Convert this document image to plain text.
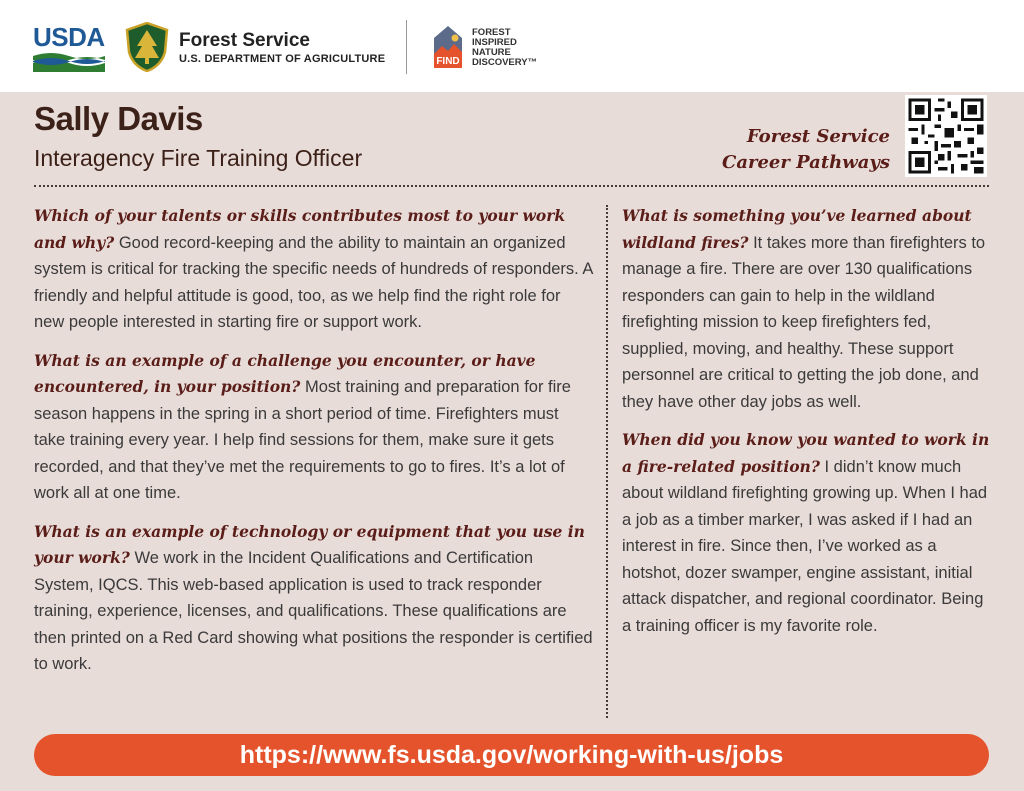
USDA	Forest Service
U.S. DEPARTMENT OF AGRICULTURE	FIND
FOREST
INSPIRED
NATURE
DISCOVERY™
Sally Davis
Interagency Fire Training Officer
Forest Service
Career Pathways

Which of your talents or skills contributes most to your work and why? Good record-keeping and the ability to maintain an organized system is critical for tracking the specific needs of hundreds of responders. A friendly and helpful attitude is good, too, as we help find the right role for new people interested in starting fire or support work.

What is an example of a challenge you encounter, or have encountered, in your position? Most training and preparation for fire season happens in the spring in a short period of time. Firefighters must take training every year. I help find sessions for them, make sure it gets recorded, and that they’ve met the requirements to go to fires. It’s a lot of work all at one time.

What is an example of technology or equipment that you use in your work? We work in the Incident Qualifications and Certification System, IQCS. This web-based application is used to track responder training, experience, licenses, and qualifications. These qualifications are then printed on a Red Card showing what positions the responder is certified to work.

What is something you’ve learned about wildland fires? It takes more than firefighters to manage a fire. There are over 130 qualifications responders can gain to help in the wildland firefighting mission to keep firefighters fed, supplied, moving, and healthy. These support personnel are critical to getting the job done, and they have other day jobs as well.

When did you know you wanted to work in a fire-related position? I didn’t know much about wildland firefighting growing up. When I had a job as a timber marker, I was asked if I had an interest in fire. Since then, I’ve worked as a hotshot, dozer swamper, engine assistant, initial attack dispatcher, and regional coordinator. Being a training officer is my favorite role.

https://www.fs.usda.gov/working-with-us/jobs
